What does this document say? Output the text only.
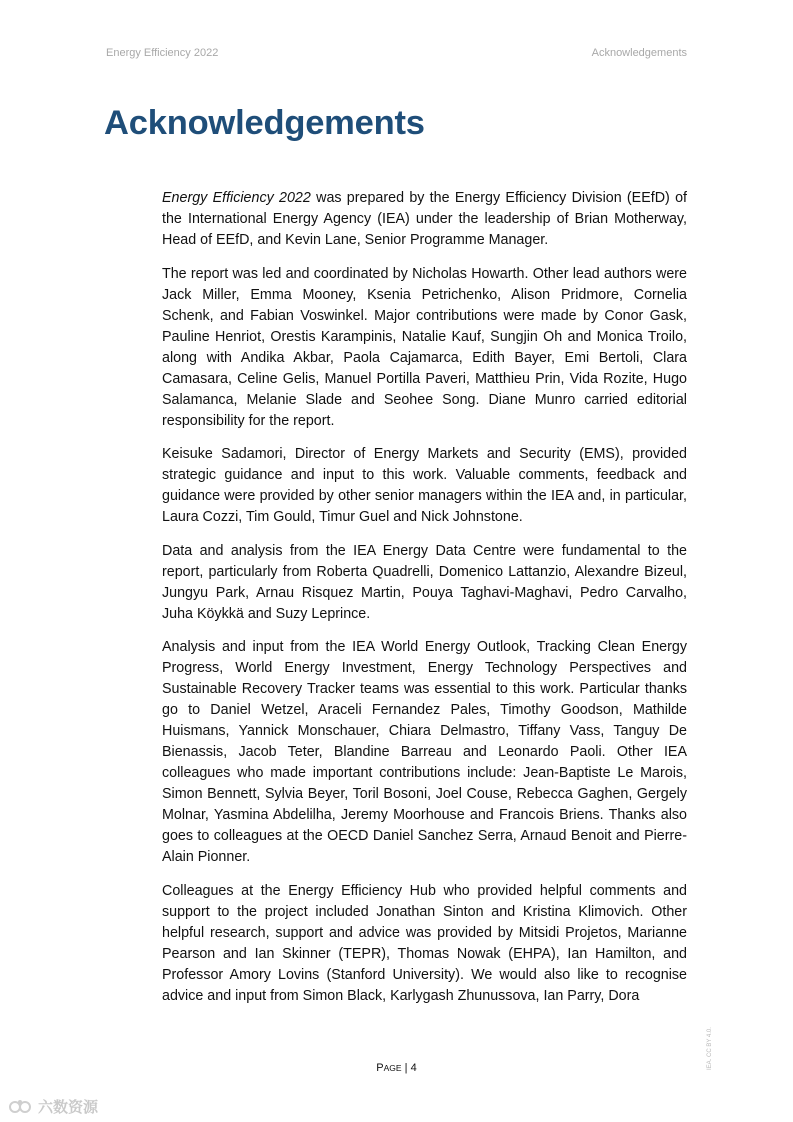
Energy Efficiency 2022	Acknowledgements
Acknowledgements

Energy Efficiency 2022 was prepared by the Energy Efficiency Division (EEfD) of the International Energy Agency (IEA) under the leadership of Brian Motherway, Head of EEfD, and Kevin Lane, Senior Programme Manager.

The report was led and coordinated by Nicholas Howarth. Other lead authors were Jack Miller, Emma Mooney, Ksenia Petrichenko, Alison Pridmore, Cornelia Schenk, and Fabian Voswinkel. Major contributions were made by Conor Gask, Pauline Henriot, Orestis Karampinis, Natalie Kauf, Sungjin Oh and Monica Troilo, along with Andika Akbar, Paola Cajamarca, Edith Bayer, Emi Bertoli, Clara Camasara, Celine Gelis, Manuel Portilla Paveri, Matthieu Prin, Vida Rozite, Hugo Salamanca, Melanie Slade and Seohee Song. Diane Munro carried editorial responsibility for the report.

Keisuke Sadamori, Director of Energy Markets and Security (EMS), provided strategic guidance and input to this work. Valuable comments, feedback and guidance were provided by other senior managers within the IEA and, in particular, Laura Cozzi, Tim Gould, Timur Guel and Nick Johnstone.

Data and analysis from the IEA Energy Data Centre were fundamental to the report, particularly from Roberta Quadrelli, Domenico Lattanzio, Alexandre Bizeul, Jungyu Park, Arnau Risquez Martin, Pouya Taghavi-Maghavi, Pedro Carvalho, Juha Köykkä and Suzy Leprince.

Analysis and input from the IEA World Energy Outlook, Tracking Clean Energy Progress, World Energy Investment, Energy Technology Perspectives and Sustainable Recovery Tracker teams was essential to this work. Particular thanks go to Daniel Wetzel, Araceli Fernandez Pales, Timothy Goodson, Mathilde Huismans, Yannick Monschauer, Chiara Delmastro, Tiffany Vass, Tanguy De Bienassis, Jacob Teter, Blandine Barreau and Leonardo Paoli. Other IEA colleagues who made important contributions include: Jean-Baptiste Le Marois, Simon Bennett, Sylvia Beyer, Toril Bosoni, Joel Couse, Rebecca Gaghen, Gergely Molnar, Yasmina Abdelilha, Jeremy Moorhouse and Francois Briens. Thanks also goes to colleagues at the OECD Daniel Sanchez Serra, Arnaud Benoit and Pierre-Alain Pionner.

Colleagues at the Energy Efficiency Hub who provided helpful comments and support to the project included Jonathan Sinton and Kristina Klimovich. Other helpful research, support and advice was provided by Mitsidi Projetos, Marianne Pearson and Ian Skinner (TEPR), Thomas Nowak (EHPA), Ian Hamilton, and Professor Amory Lovins (Stanford University). We would also like to recognise advice and input from Simon Black, Karlygash Zhunussova, Ian Parry, Dora

PAGE | 4	IEA. CC BY 4.0.
六数资源
